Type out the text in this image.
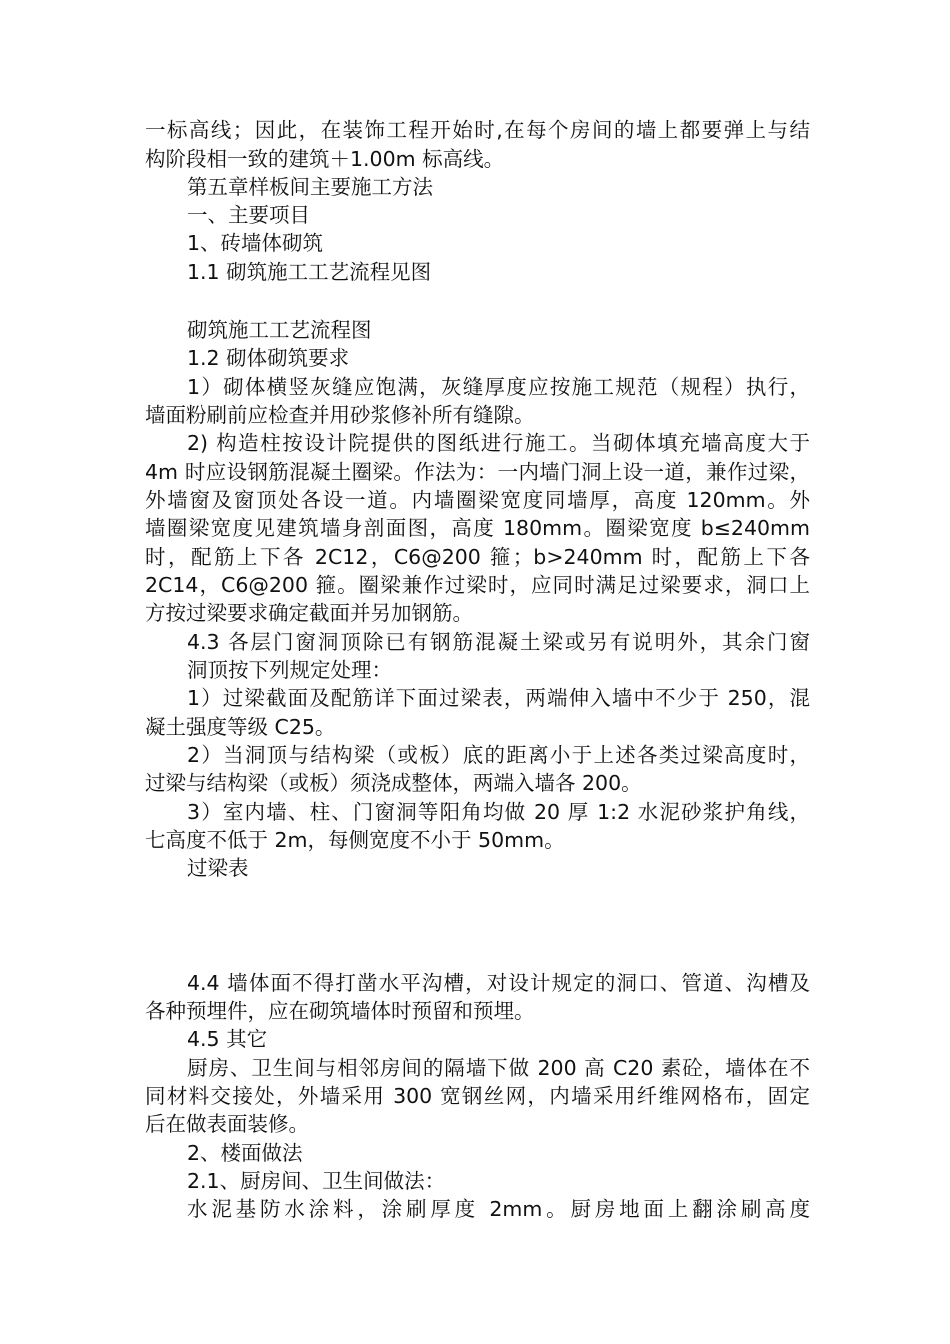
一标高线；因此，在装饰工程开始时,在每个房间的墙上都要弹上与结
构阶段相一致的建筑＋1.00m 标高线。
第五章样板间主要施工方法
一、主要项目
1、砖墙体砌筑
1.1 砌筑施工工艺流程见图
砌筑施工工艺流程图
1.2 砌体砌筑要求
1）砌体横竖灰缝应饱满，灰缝厚度应按施工规范（规程）执行，
墙面粉刷前应检查并用砂浆修补所有缝隙。
2) 构造柱按设计院提供的图纸进行施工。当砌体填充墙高度大于
4m 时应设钢筋混凝土圈梁。作法为：一内墙门洞上设一道，兼作过梁，
外墙窗及窗顶处各设一道。内墙圈梁宽度同墙厚，高度 120mm。外
墙圈梁宽度见建筑墙身剖面图，高度 180mm。圈梁宽度 b≤240mm
时，配筋上下各 2C12，C6@200 箍；b>240mm 时，配筋上下各
2C14，C6@200 箍。圈梁兼作过梁时，应同时满足过梁要求，洞口上
方按过梁要求确定截面并另加钢筋。
4.3 各层门窗洞顶除已有钢筋混凝土梁或另有说明外，其余门窗
洞顶按下列规定处理：
1）过梁截面及配筋详下面过梁表，两端伸入墙中不少于 250，混
凝土强度等级 C25。
2）当洞顶与结构梁（或板）底的距离小于上述各类过梁高度时，
过梁与结构梁（或板）须浇成整体，两端入墙各 200。
3）室内墙、柱、门窗洞等阳角均做 20 厚 1:2 水泥砂浆护角线，
七高度不低于 2m，每侧宽度不小于 50mm。
过梁表
4.4 墙体面不得打凿水平沟槽，对设计规定的洞口、管道、沟槽及
各种预埋件，应在砌筑墙体时预留和预埋。
4.5 其它
厨房、卫生间与相邻房间的隔墙下做 200 高 C20 素砼，墙体在不
同材料交接处，外墙采用 300 宽钢丝网，内墙采用纤维网格布，固定
后在做表面装修。
2、楼面做法
2.1、厨房间、卫生间做法：
水泥基防水涂料，涂刷厚度 2mm。厨房地面上翻涂刷高度
